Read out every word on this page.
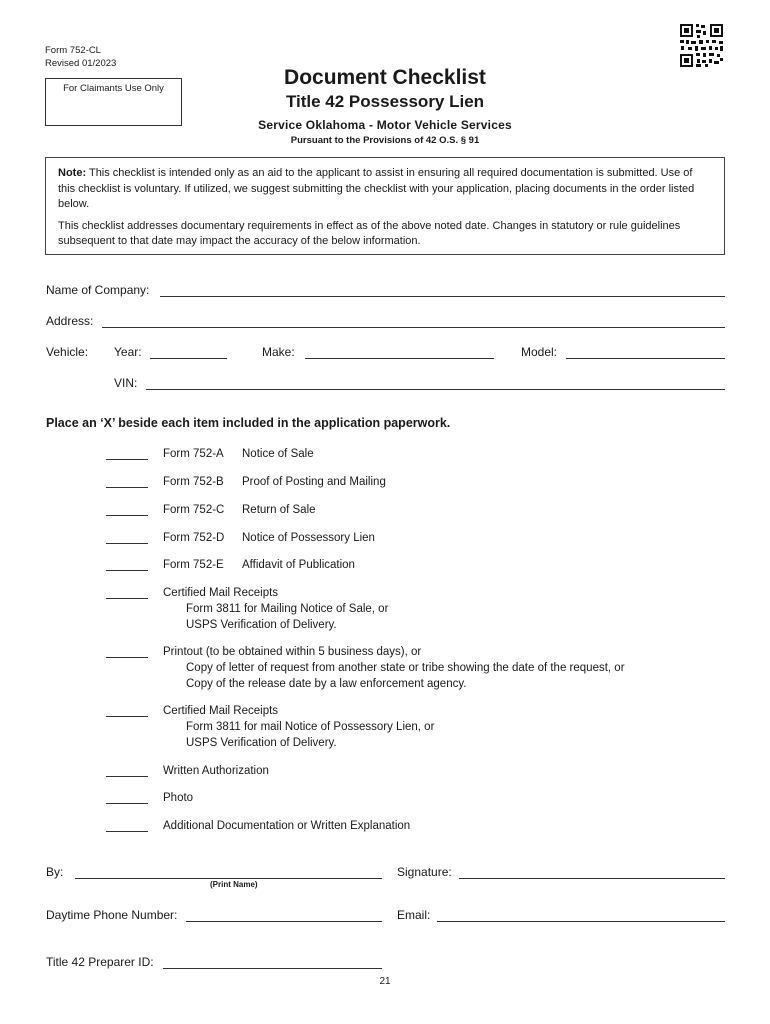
Form 752-CL
Revised 01/2023
For Claimants Use Only	Document Checklist
Title 42 Possessory Lien
Service Oklahoma - Motor Vehicle Services
Pursuant to the Provisions of 42 O.S. § 91

Note: This checklist is intended only as an aid to the applicant to assist in ensuring all required documentation is submitted. Use of this checklist is voluntary. If utilized, we suggest submitting the checklist with your application, placing documents in the order listed below.

This checklist addresses documentary requirements in effect as of the above noted date. Changes in statutory or rule guidelines subsequent to that date may impact the accuracy of the below information.

Name of Company:
Address:
Vehicle: Year:	Make:	Model:
VIN:
Place an ‘X’ beside each item included in the application paperwork.
Form 752-A Notice of Sale
Form 752-B Proof of Posting and Mailing
Form 752-C Return of Sale
Form 752-D Notice of Possessory Lien
Form 752-E Affidavit of Publication
Certified Mail Receipts
Form 3811 for Mailing Notice of Sale, or
USPS Verification of Delivery.
Printout (to be obtained within 5 business days), or
Copy of letter of request from another state or tribe showing the date of the request, or
Copy of the release date by a law enforcement agency.
Certified Mail Receipts
Form 3811 for mail Notice of Possessory Lien, or
USPS Verification of Delivery.
Written Authorization
Photo
Additional Documentation or Written Explanation
By:
(Print Name)
Signature:
Daytime Phone Number:	Email:
Title 42 Preparer ID:
21
